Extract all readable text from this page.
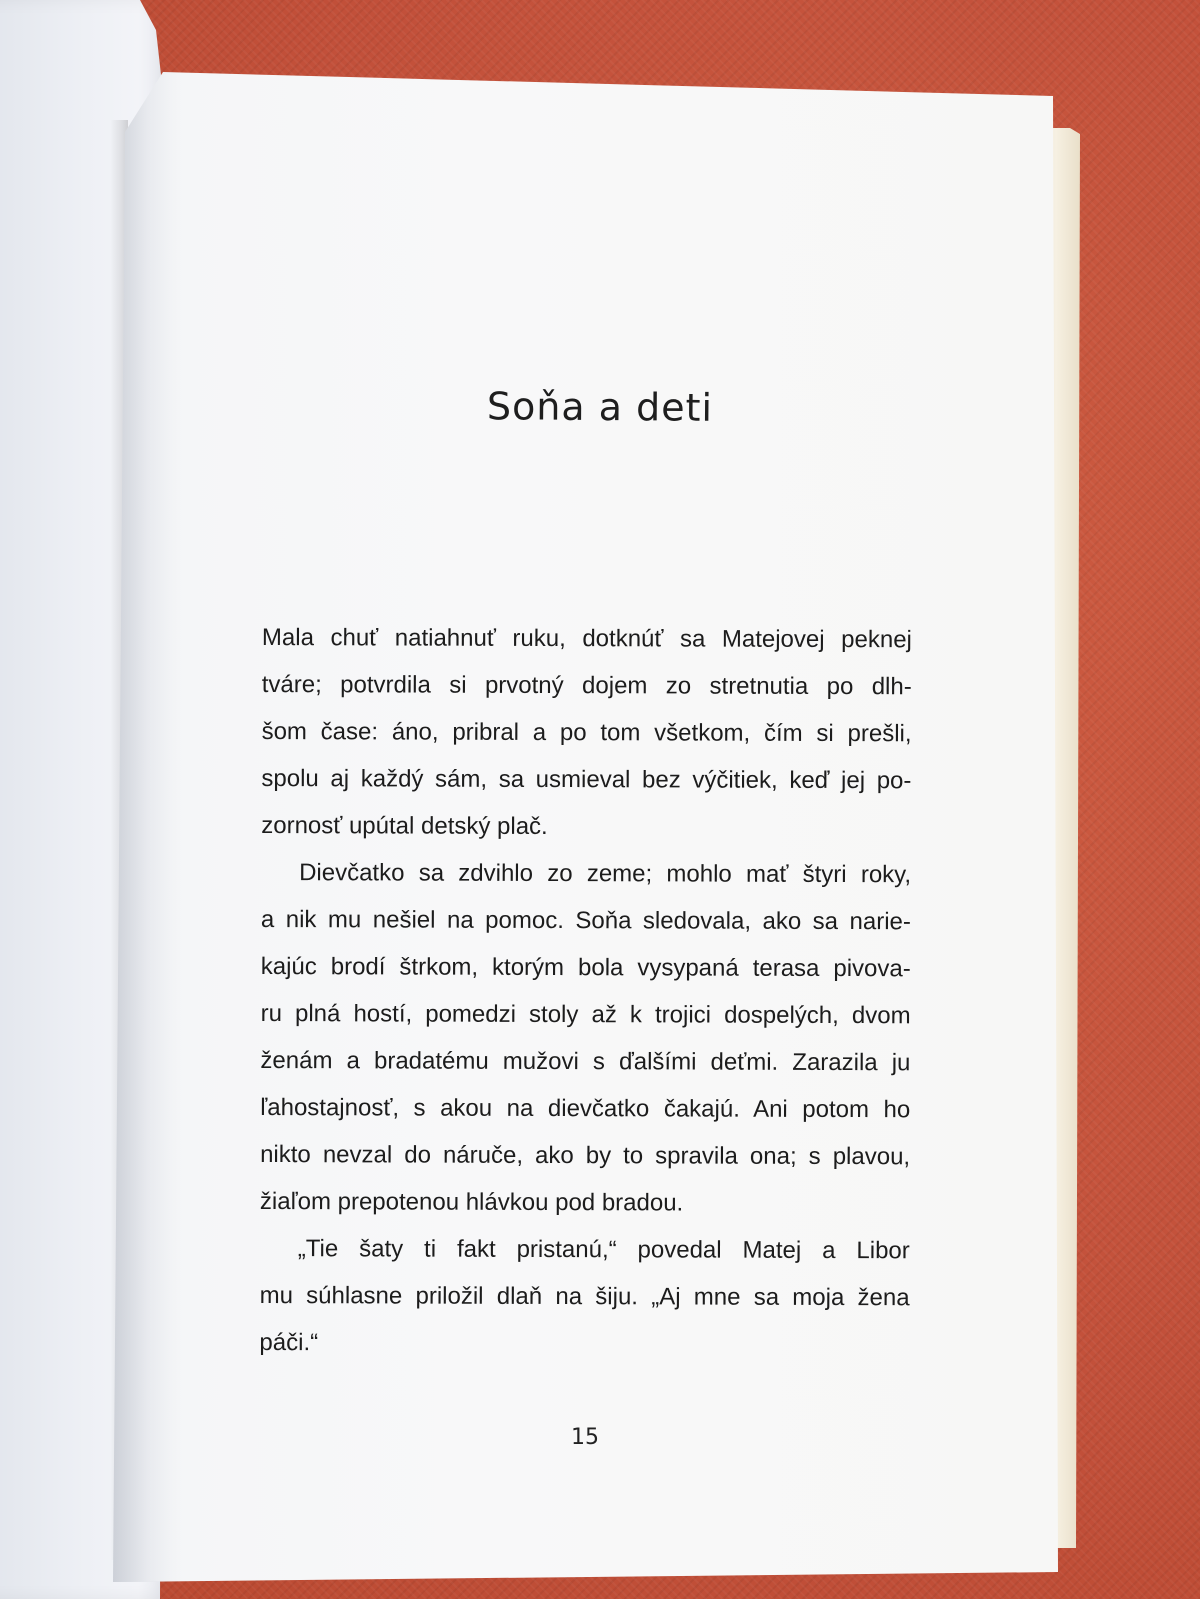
Soňa a deti
Mala chuť natiahnuť ruku, dotknúť sa Matejovej peknej
tváre; potvrdila si prvotný dojem zo stretnutia po dlh-
šom čase: áno, pribral a po tom všetkom, čím si prešli,
spolu aj každý sám, sa usmieval bez výčitiek, keď jej po-
zornosť upútal detský plač.
Dievčatko sa zdvihlo zo zeme; mohlo mať štyri roky,
a nik mu nešiel na pomoc. Soňa sledovala, ako sa narie-
kajúc brodí štrkom, ktorým bola vysypaná terasa pivova-
ru plná hostí, pomedzi stoly až k trojici dospelých, dvom
ženám a bradatému mužovi s ďalšími deťmi. Zarazila ju
ľahostajnosť, s akou na dievčatko čakajú. Ani potom ho
nikto nevzal do náruče, ako by to spravila ona; s plavou,
žiaľom prepotenou hlávkou pod bradou.
„Tie šaty ti fakt pristanú,“ povedal Matej a Libor
mu súhlasne priložil dlaň na šiju. „Aj mne sa moja žena
páči.“
15
